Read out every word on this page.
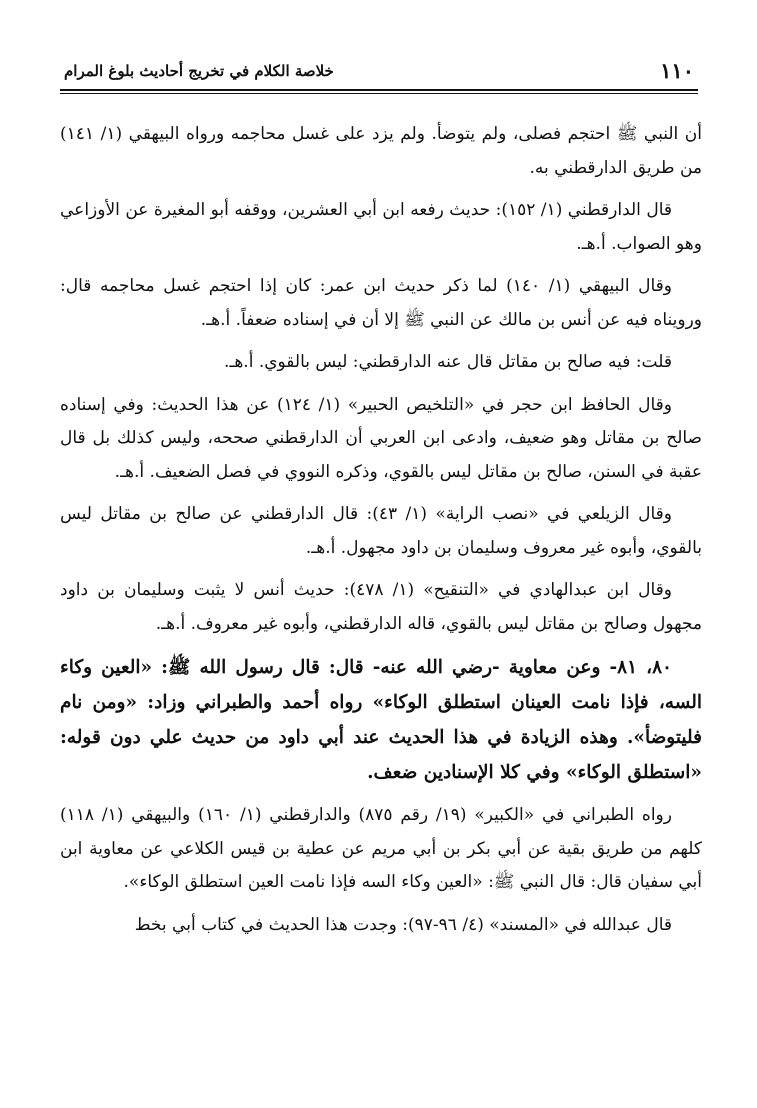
١١٠
خلاصة الكلام في تخريج أحاديث بلوغ المرام

أن النبي ﷺ احتجم فصلى، ولم يتوضأ. ولم يزد على غسل محاجمه ورواه البيهقي (١/ ١٤١) من طريق الدارقطني به.

قال الدارقطني (١/ ١٥٢): حديث رفعه ابن أبي العشرين، ووقفه أبو المغيرة عن الأوزاعي وهو الصواب. أ.هـ.

وقال البيهقي (١/ ١٤٠) لما ذكر حديث ابن عمر: كان إذا احتجم غسل محاجمه قال: ورويناه فيه عن أنس بن مالك عن النبي ﷺ إلا أن في إسناده ضعفاً. أ.هـ.

قلت: فيه صالح بن مقاتل قال عنه الدارقطني: ليس بالقوي. أ.هـ.

وقال الحافظ ابن حجر في «التلخيص الحبير» (١/ ١٢٤) عن هذا الحديث: وفي إسناده صالح بن مقاتل وهو ضعيف، وادعى ابن العربي أن الدارقطني صححه، وليس كذلك بل قال عقبة في السنن، صالح بن مقاتل ليس بالقوي، وذكره النووي في فصل الضعيف. أ.هـ.

وقال الزيلعي في «نصب الراية» (١/ ٤٣): قال الدارقطني عن صالح بن مقاتل ليس بالقوي، وأبوه غير معروف وسليمان بن داود مجهول. أ.هـ.

وقال ابن عبدالهادي في «التنقيح» (١/ ٤٧٨): حديث أنس لا يثبت وسليمان بن داود مجهول وصالح بن مقاتل ليس بالقوي، قاله الدارقطني، وأبوه غير معروف. أ.هـ.

٨٠، ٨١- وعن معاوية -رضي الله عنه- قال: قال رسول الله ﷺ: «العين وكاء السه، فإذا نامت العينان استطلق الوكاء» رواه أحمد والطبراني وزاد: «ومن نام فليتوضأ». وهذه الزيادة في هذا الحديث عند أبي داود من حديث علي دون قوله: «استطلق الوكاء» وفي كلا الإسنادين ضعف.

رواه الطبراني في «الكبير» (١٩/ رقم ٨٧٥) والدارقطني (١/ ١٦٠) والبيهقي (١/ ١١٨) كلهم من طريق بقية عن أبي بكر بن أبي مريم عن عطية بن قيس الكلاعي عن معاوية ابن أبي سفيان قال: قال النبي ﷺ: «العين وكاء السه فإذا نامت العين استطلق الوكاء».

قال عبدالله في «المسند» (٤/ ٩٦-٩٧): وجدت هذا الحديث في كتاب أبي بخط
